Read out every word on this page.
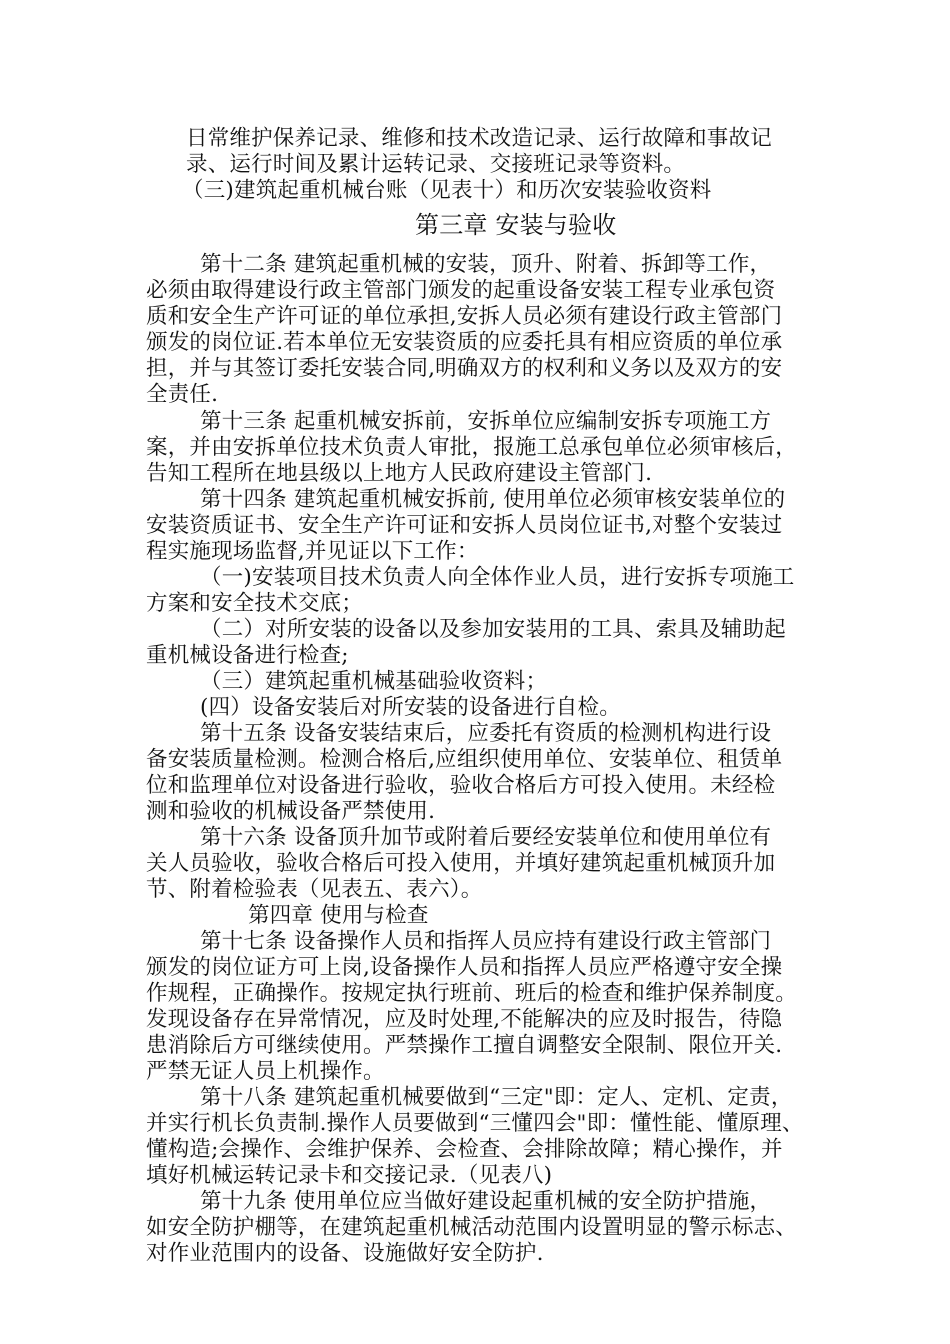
日常维护保养记录、维修和技术改造记录、运行故障和事故记
录、运行时间及累计运转记录、交接班记录等资料。
（三)建筑起重机械台账（见表十）和历次安装验收资料
第三章 安装与验收
第十二条 建筑起重机械的安装，顶升、附着、拆卸等工作，
必须由取得建设行政主管部门颁发的起重设备安装工程专业承包资
质和安全生产许可证的单位承担,安拆人员必须有建设行政主管部门
颁发的岗位证.若本单位无安装资质的应委托具有相应资质的单位承
担，并与其签订委托安装合同,明确双方的权利和义务以及双方的安
全责任.
第十三条 起重机械安拆前，安拆单位应编制安拆专项施工方
案，并由安拆单位技术负责人审批，报施工总承包单位必须审核后，
告知工程所在地县级以上地方人民政府建设主管部门.
第十四条 建筑起重机械安拆前, 使用单位必须审核安装单位的
安装资质证书、安全生产许可证和安拆人员岗位证书,对整个安装过
程实施现场监督,并见证以下工作：
（一)安装项目技术负责人向全体作业人员，进行安拆专项施工
方案和安全技术交底；
（二）对所安装的设备以及参加安装用的工具、索具及辅助起
重机械设备进行检查;
（三）建筑起重机械基础验收资料；
(四）设备安装后对所安装的设备进行自检。
第十五条 设备安装结束后，应委托有资质的检测机构进行设
备安装质量检测。检测合格后,应组织使用单位、安装单位、租赁单
位和监理单位对设备进行验收，验收合格后方可投入使用。未经检
测和验收的机械设备严禁使用.
第十六条 设备顶升加节或附着后要经安装单位和使用单位有
关人员验收，验收合格后可投入使用，并填好建筑起重机械顶升加
节、附着检验表（见表五、表六）。
第四章 使用与检查
第十七条 设备操作人员和指挥人员应持有建设行政主管部门
颁发的岗位证方可上岗,设备操作人员和指挥人员应严格遵守安全操
作规程，正确操作。按规定执行班前、班后的检查和维护保养制度。
发现设备存在异常情况，应及时处理,不能解决的应及时报告，待隐
患消除后方可继续使用。严禁操作工擅自调整安全限制、限位开关.
严禁无证人员上机操作。
第十八条 建筑起重机械要做到“三定"即：定人、定机、定责，
并实行机长负责制.操作人员要做到“三懂四会"即：懂性能、懂原理、
懂构造;会操作、会维护保养、会检查、会排除故障；精心操作，并
填好机械运转记录卡和交接记录.（见表八)
第十九条 使用单位应当做好建设起重机械的安全防护措施，
如安全防护棚等，在建筑起重机械活动范围内设置明显的警示标志、
对作业范围内的设备、设施做好安全防护.
